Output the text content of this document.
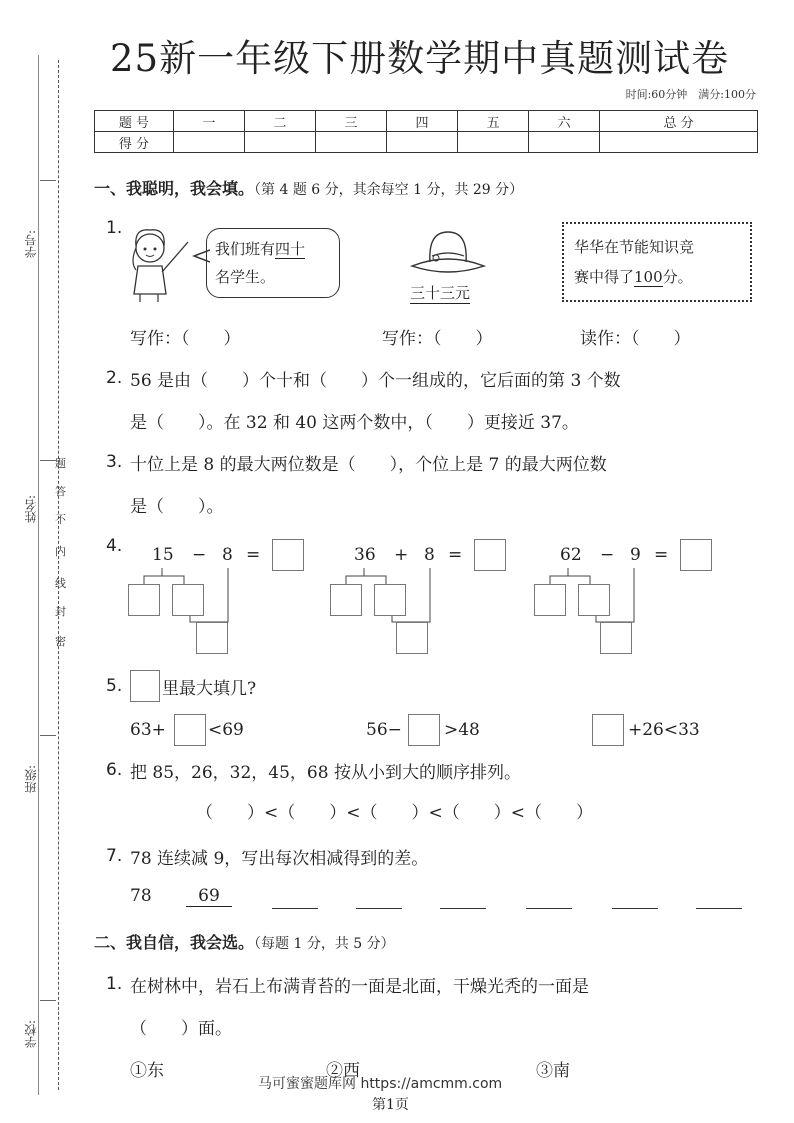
25新一年级下册数学期中真题测试卷
时间:60分钟　满分:100分
学号:
姓名:
班级:
学校:
题
答
不
内
线
封
密
题 号	一	二	三	四	五	六	总 分
得 分							
一、我聪明，我会填。（第 4 题 6 分，其余每空 1 分，共 29 分）
1.
我们班有四十
名学生。
三十三元
华华在节能知识竞
赛中得了100分。
写作：（　　）	写作：（　　）	读作：（　　）
2. 56 是由（　　）个十和（　　）个一组成的，它后面的第 3 个数
是（　　）。在 32 和 40 这两个数中，（　　）更接近 37。
3. 十位上是 8 的最大两位数是（　　），个位上是 7 的最大两位数
是（　　）。
4. 15 − 8 =	36 + 8 =	62 − 9 =
5. 里最大填几?
63+ <69	56− >48	+26<33
6. 把 85，26，32，45，68 按从小到大的顺序排列。
（　　）<（　　）<（　　）<（　　）<（　　）
7. 78 连续减 9，写出每次相减得到的差。
78	69
二、我自信，我会选。（每题 1 分，共 5 分）
1. 在树林中，岩石上布满青苔的一面是北面，干燥光秃的一面是
（　　）面。
①东	②西	③南
马可蜜蜜题库网 https://amcmm.com
第1页
